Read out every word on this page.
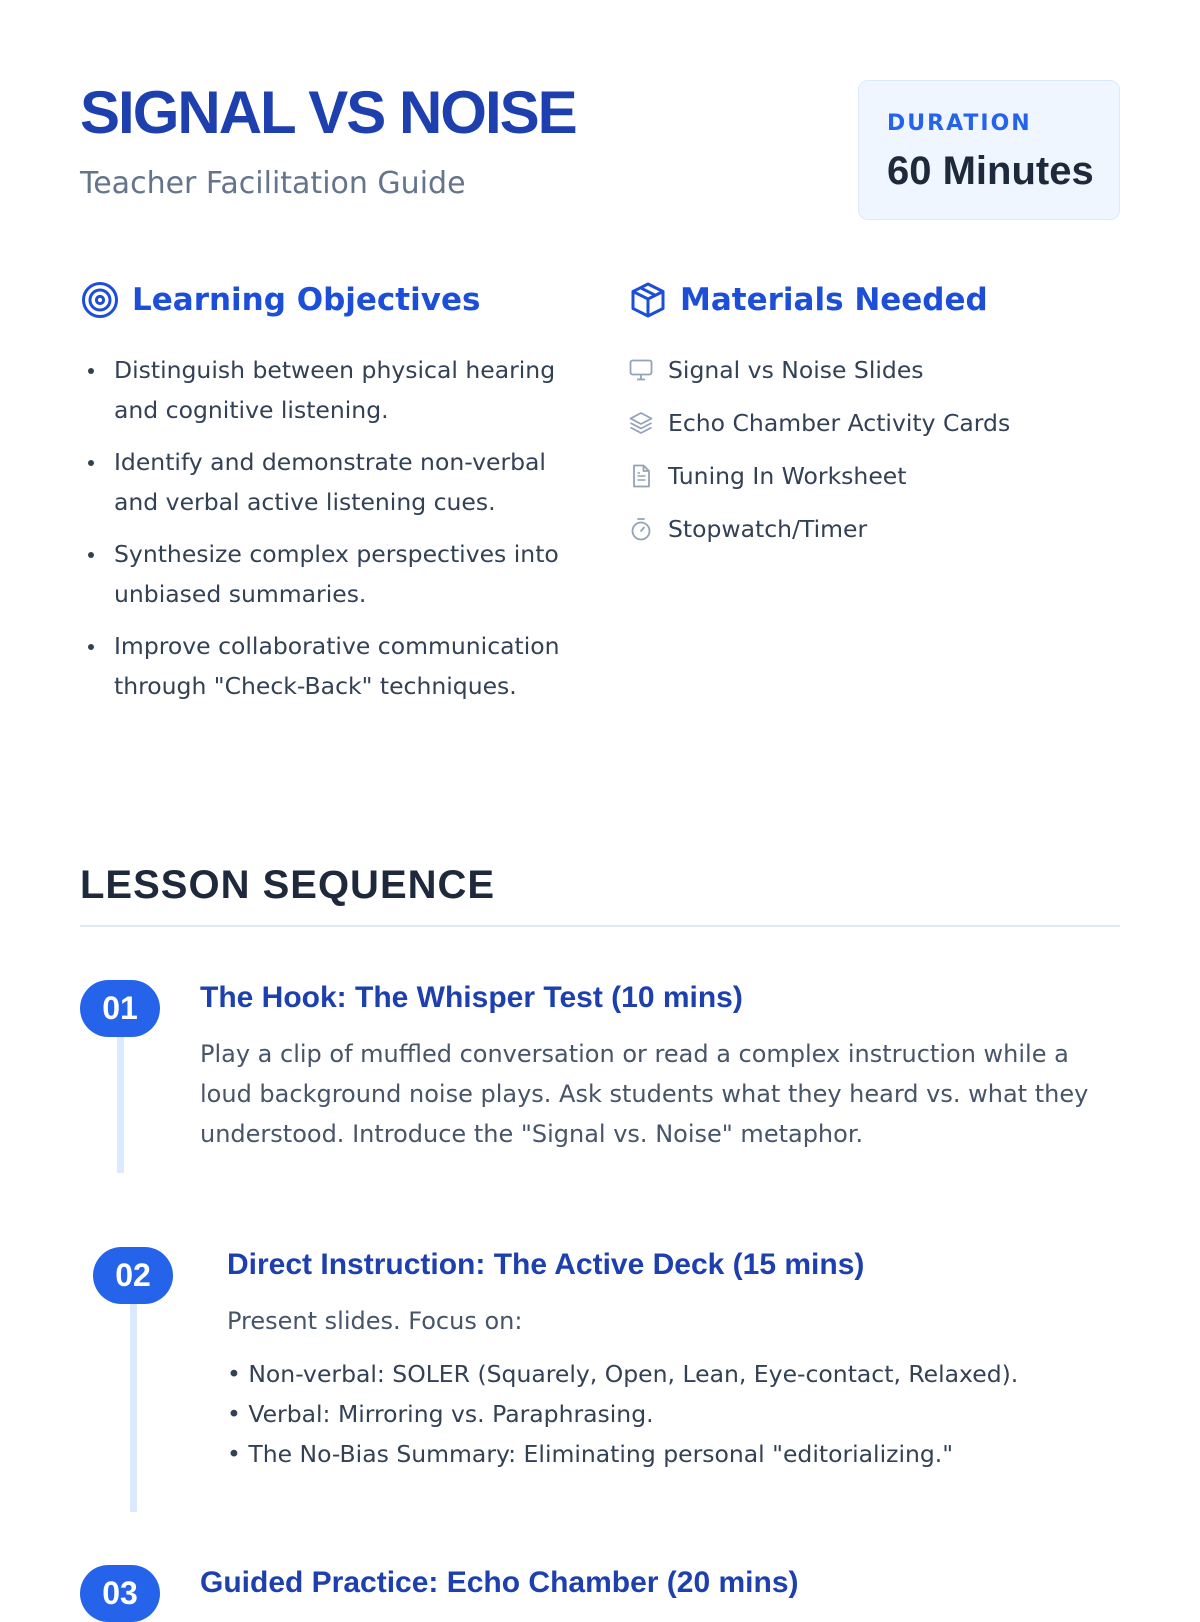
SIGNAL VS NOISE
Teacher Facilitation Guide
DURATION
60 Minutes
Learning Objectives
Distinguish between physical hearing and cognitive listening.
Identify and demonstrate non-verbal and verbal active listening cues.
Synthesize complex perspectives into unbiased summaries.
Improve collaborative communication through "Check-Back" techniques.
Materials Needed
Signal vs Noise Slides
Echo Chamber Activity Cards
Tuning In Worksheet
Stopwatch/Timer
LESSON SEQUENCE
01	The Hook: The Whisper Test (10 mins)
Play a clip of muffled conversation or read a complex instruction while a loud background noise plays. Ask students what they heard vs. what they understood. Introduce the "Signal vs. Noise" metaphor.
02	Direct Instruction: The Active Deck (15 mins)
Present slides. Focus on:
• Non-verbal: SOLER (Squarely, Open, Lean, Eye-contact, Relaxed).
• Verbal: Mirroring vs. Paraphrasing.
• The No-Bias Summary: Eliminating personal "editorializing."
03	Guided Practice: Echo Chamber (20 mins)
